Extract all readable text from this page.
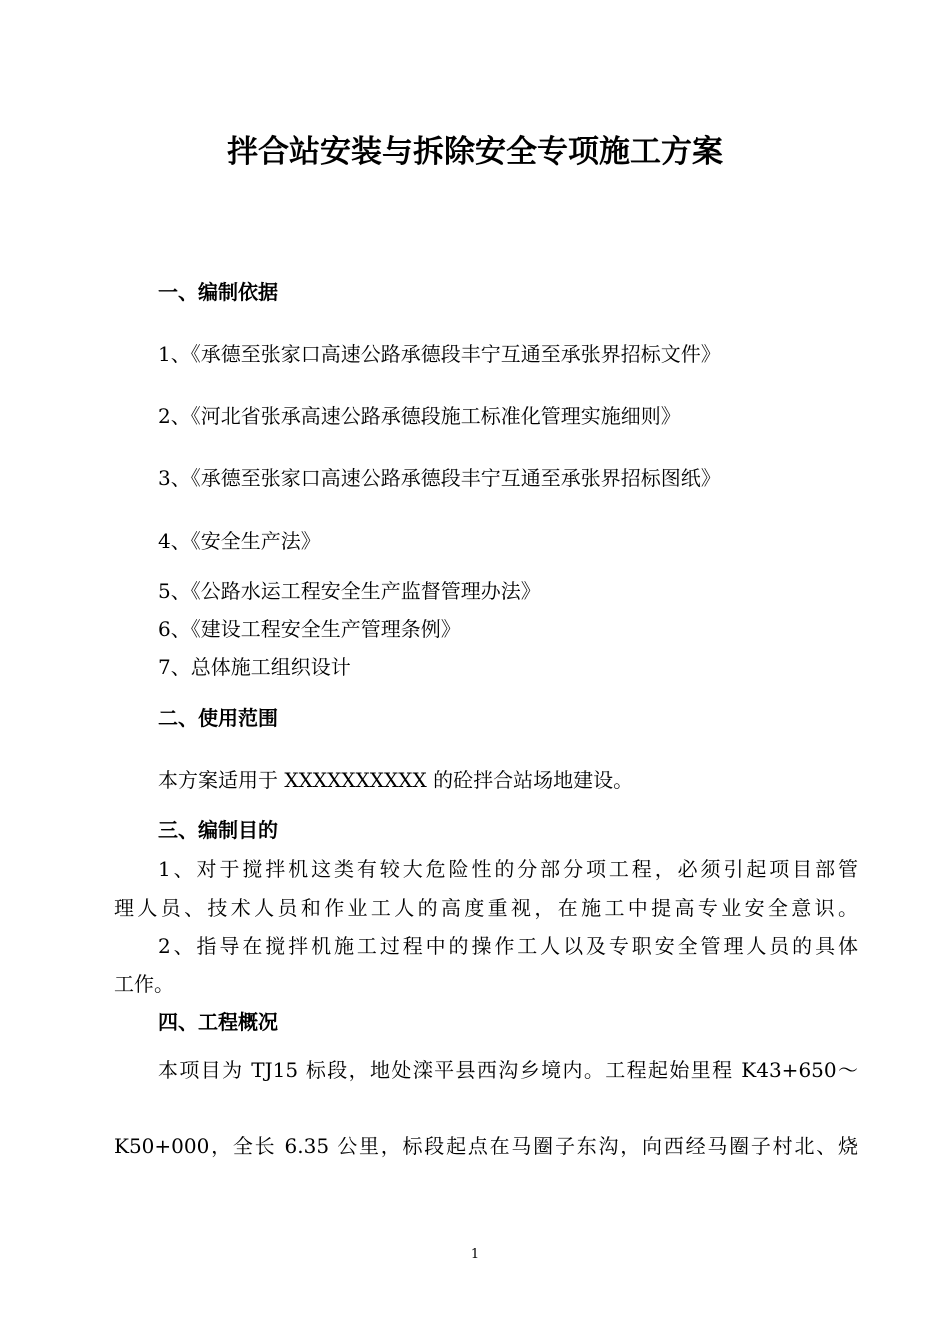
拌合站安装与拆除安全专项施工方案
一、编制依据
1、《承德至张家口高速公路承德段丰宁互通至承张界招标文件》
2、《河北省张承高速公路承德段施工标准化管理实施细则》
3、《承德至张家口高速公路承德段丰宁互通至承张界招标图纸》
4、《安全生产法》
5、《公路水运工程安全生产监督管理办法》
6、《建设工程安全生产管理条例》
7、总体施工组织设计
二、使用范围
本方案适用于 XXXXXXXXXX 的砼拌合站场地建设。
三、编制目的
1、对于搅拌机这类有较大危险性的分部分项工程，必须引起项目部管
理人员、技术人员和作业工人的高度重视，在施工中提高专业安全意识。
2、指导在搅拌机施工过程中的操作工人以及专职安全管理人员的具体
工作。
四、工程概况
本项目为 TJ15 标段，地处滦平县西沟乡境内。工程起始里程 K43+650～
K50+000，全长 6.35 公里，标段起点在马圈子东沟，向西经马圈子村北、烧
1
